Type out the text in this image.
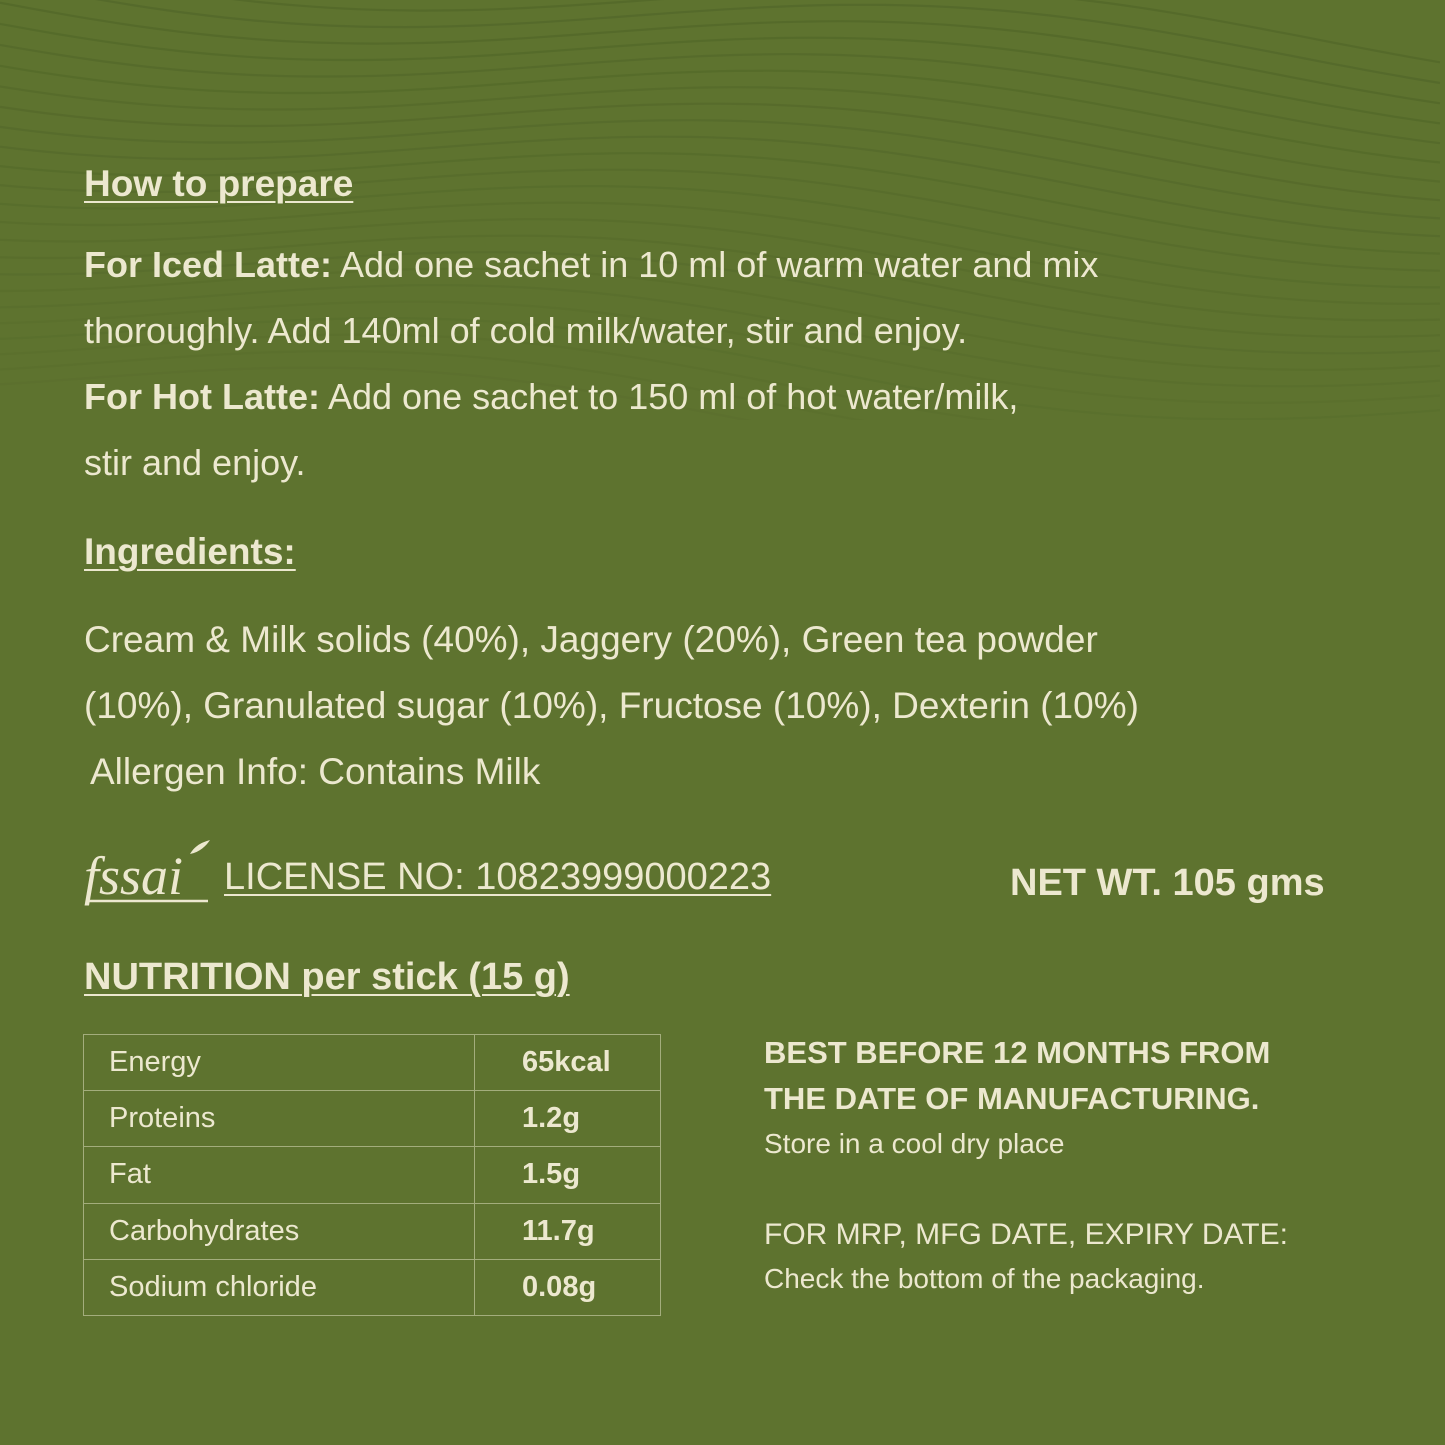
How to prepare
For Iced Latte: Add one sachet in 10 ml of warm water and mix
thoroughly. Add 140ml of cold milk/water, stir and enjoy.
For Hot Latte: Add one sachet to 150 ml of hot water/milk,
stir and enjoy.
Ingredients:
Cream & Milk solids (40%), Jaggery (20%), Green tea powder
(10%), Granulated sugar (10%), Fructose (10%), Dexterin (10%)
Allergen Info: Contains Milk
fssai LICENSE NO: 10823999000223	NET WT. 105 gms
NUTRITION per stick (15 g)
Energy	65kcal
Proteins	1.2g
Fat	1.5g
Carbohydrates	11.7g
Sodium chloride	0.08g
BEST BEFORE 12 MONTHS FROM
THE DATE OF MANUFACTURING.
Store in a cool dry place
FOR MRP, MFG DATE, EXPIRY DATE:
Check the bottom of the packaging.
